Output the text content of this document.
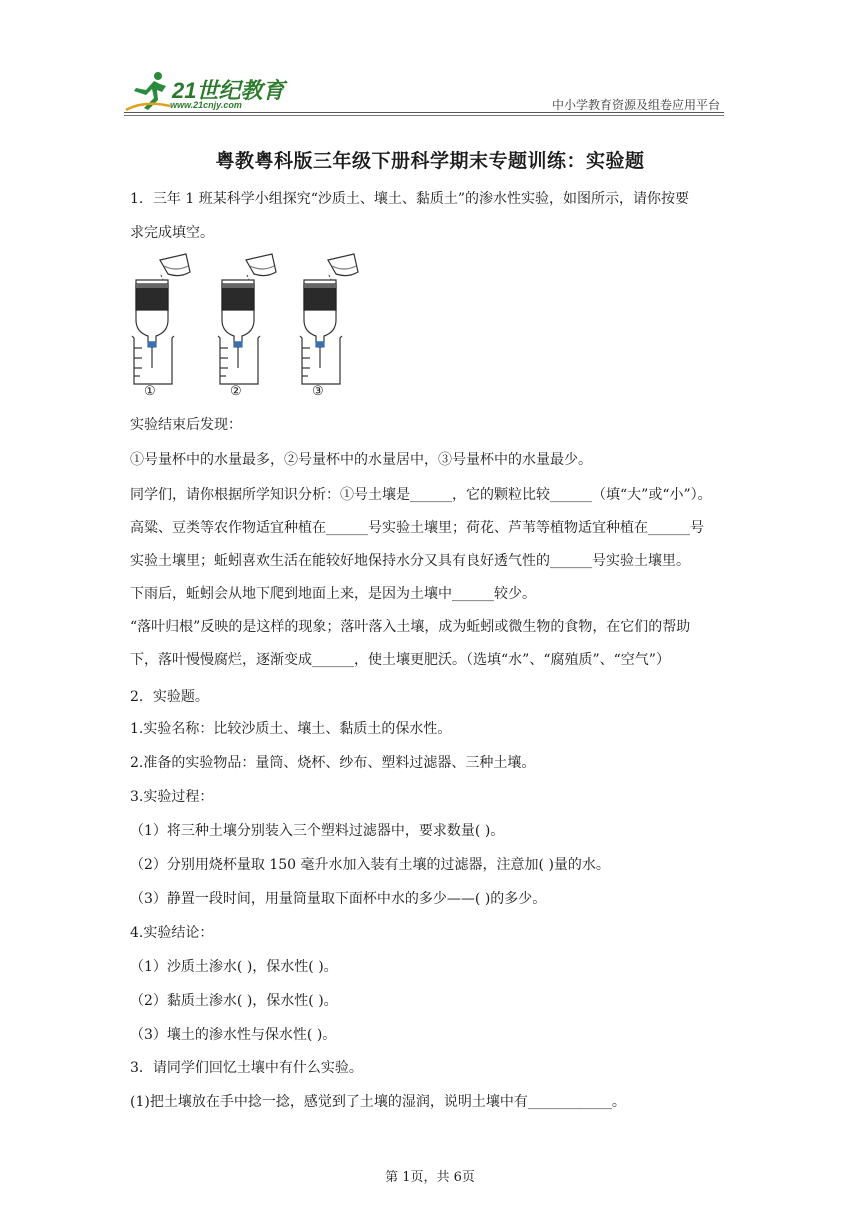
21世纪教育
www.21cnjy.com	中小学教育资源及组卷应用平台
粤教粤科版三年级下册科学期末专题训练：实验题
1．三年 1 班某科学小组探究“沙质土、壤土、黏质土”的渗水性实验，如图所示，请你按要
求完成填空。
①	②	③
实验结束后发现：
①号量杯中的水量最多，②号量杯中的水量居中，③号量杯中的水量最少。
同学们，请你根据所学知识分析：①号土壤是______，它的颗粒比较______（填“大”或“小”）。
高粱、豆类等农作物适宜种植在______号实验土壤里；荷花、芦苇等植物适宜种植在______号
实验土壤里；蚯蚓喜欢生活在能较好地保持水分又具有良好透气性的______号实验土壤里。
下雨后，蚯蚓会从地下爬到地面上来，是因为土壤中______较少。
“落叶归根”反映的是这样的现象；落叶落入土壤，成为蚯蚓或微生物的食物，在它们的帮助
下，落叶慢慢腐烂，逐渐变成______，使土壤更肥沃。（选填“水”、“腐殖质”、“空气”）
2．实验题。
1.实验名称：比较沙质土、壤土、黏质土的保水性。
2.准备的实验物品：量筒、烧杯、纱布、塑料过滤器、三种土壤。
3.实验过程：
（1）将三种土壤分别装入三个塑料过滤器中，要求数量( )。
（2）分别用烧杯量取 150 毫升水加入装有土壤的过滤器，注意加( )量的水。
（3）静置一段时间，用量筒量取下面杯中水的多少——( )的多少。
4.实验结论：
（1）沙质土渗水( )，保水性( )。
（2）黏质土渗水( )，保水性( )。
（3）壤土的渗水性与保水性( )。
3．请同学们回忆土壤中有什么实验。
(1)把土壤放在手中捻一捻，感觉到了土壤的湿润，说明土壤中有____________。
第 1页，共 6页
